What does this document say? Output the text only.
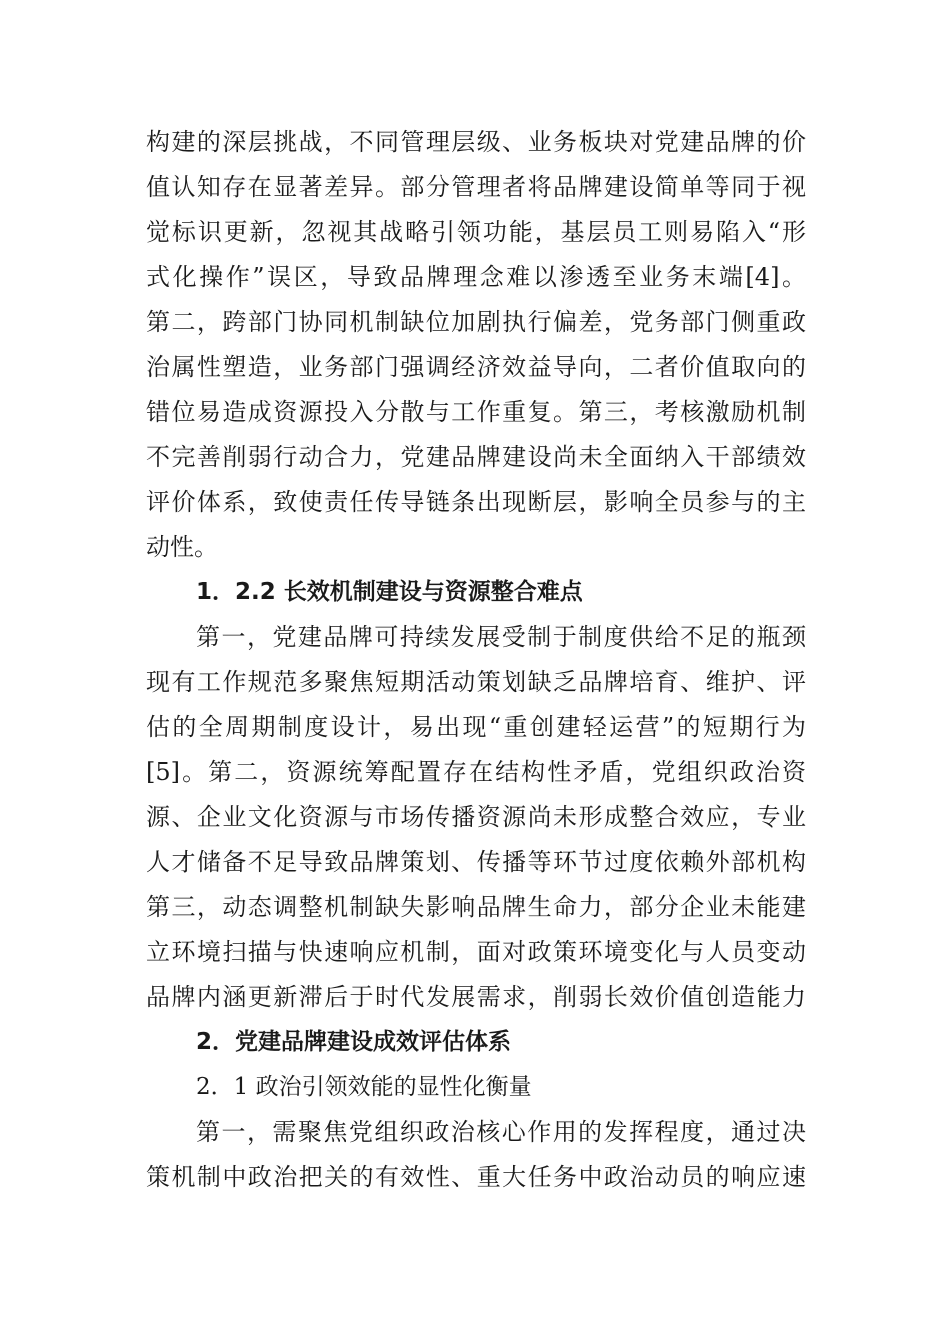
构建的深层挑战，不同管理层级、业务板块对党建品牌的价
值认知存在显著差异。部分管理者将品牌建设简单等同于视
觉标识更新，忽视其战略引领功能，基层员工则易陷入“形
式化操作”误区，导致品牌理念难以渗透至业务末端[4]。
第二，跨部门协同机制缺位加剧执行偏差，党务部门侧重政
治属性塑造，业务部门强调经济效益导向，二者价值取向的
错位易造成资源投入分散与工作重复。第三，考核激励机制
不完善削弱行动合力，党建品牌建设尚未全面纳入干部绩效
评价体系，致使责任传导链条出现断层，影响全员参与的主
动性。
1．2.2 长效机制建设与资源整合难点
第一，党建品牌可持续发展受制于制度供给不足的瓶颈
现有工作规范多聚焦短期活动策划缺乏品牌培育、维护、评
估的全周期制度设计，易出现“重创建轻运营”的短期行为
[5]。第二，资源统筹配置存在结构性矛盾，党组织政治资
源、企业文化资源与市场传播资源尚未形成整合效应，专业
人才储备不足导致品牌策划、传播等环节过度依赖外部机构
第三，动态调整机制缺失影响品牌生命力，部分企业未能建
立环境扫描与快速响应机制，面对政策环境变化与人员变动
品牌内涵更新滞后于时代发展需求，削弱长效价值创造能力
2．党建品牌建设成效评估体系
2．1 政治引领效能的显性化衡量
第一，需聚焦党组织政治核心作用的发挥程度，通过决
策机制中政治把关的有效性、重大任务中政治动员的响应速
